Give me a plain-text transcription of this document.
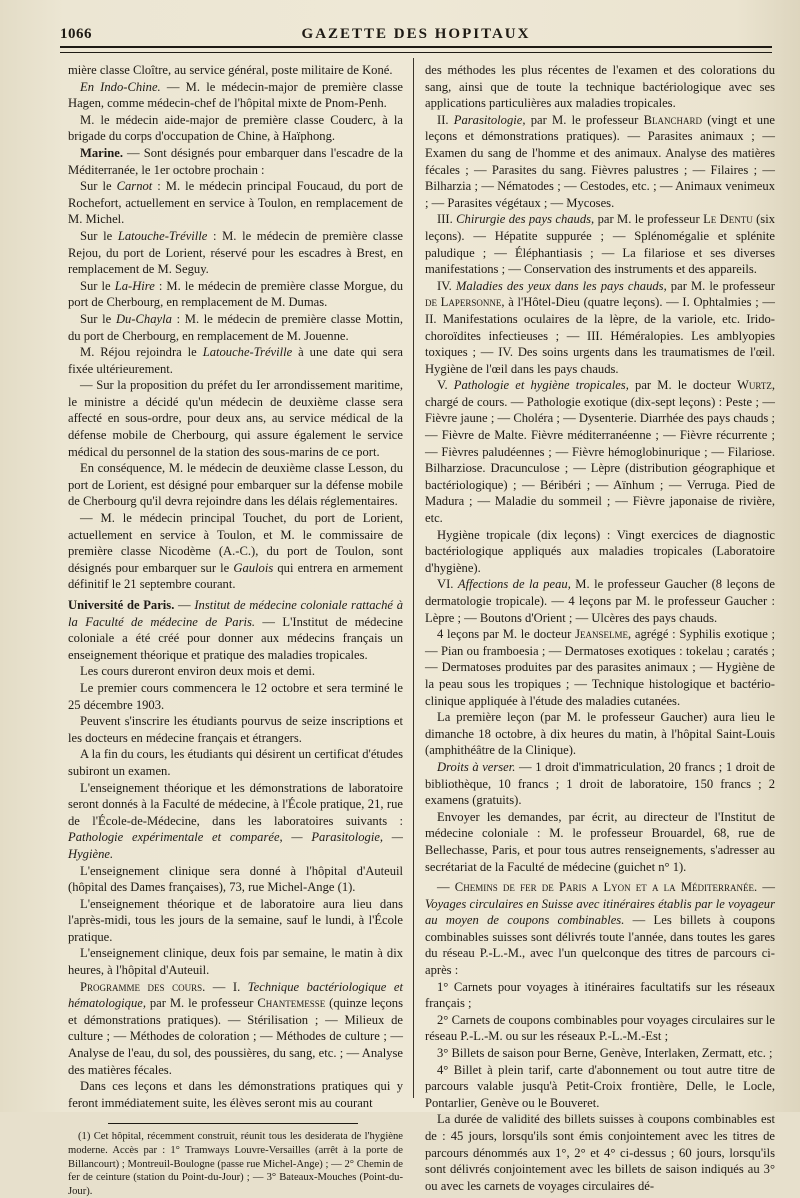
1066	GAZETTE DES HOPITAUX

mière classe Cloître, au service général, poste militaire de Koné.

En Indo-Chine. — M. le médecin-major de première classe Hagen, comme médecin-chef de l'hôpital mixte de Pnom-Penh.

M. le médecin aide-major de première classe Couderc, à la brigade du corps d'occupation de Chine, à Haïphong.

Marine. — Sont désignés pour embarquer dans l'escadre de la Méditerranée, le 1er octobre prochain :

Sur le Carnot : M. le médecin principal Foucaud, du port de Rochefort, actuellement en service à Toulon, en remplacement de M. Michel.

Sur le Latouche-Tréville : M. le médecin de première classe Rejou, du port de Lorient, réservé pour les escadres à Brest, en remplacement de M. Seguy.

Sur le La-Hire : M. le médecin de première classe Morgue, du port de Cherbourg, en remplacement de M. Dumas.

Sur le Du-Chayla : M. le médecin de première classe Mottin, du port de Cherbourg, en remplacement de M. Jouenne.

M. Réjou rejoindra le Latouche-Tréville à une date qui sera fixée ultérieurement.

— Sur la proposition du préfet du Ier arrondissement maritime, le ministre a décidé qu'un médecin de deuxième classe sera affecté en sous-ordre, pour deux ans, au service médical de la défense mobile de Cherbourg, qui assure également le service médical du personnel de la station des sous-marins de ce port.

En conséquence, M. le médecin de deuxième classe Lesson, du port de Lorient, est désigné pour embarquer sur la défense mobile de Cherbourg qu'il devra rejoindre dans les délais réglementaires.

— M. le médecin principal Touchet, du port de Lorient, actuellement en service à Toulon, et M. le commissaire de première classe Nicodème (A.-C.), du port de Toulon, sont désignés pour embarquer sur le Gaulois qui entrera en armement définitif le 21 septembre courant.

Université de Paris. — Institut de médecine coloniale rattaché à la Faculté de médecine de Paris. — L'Institut de médecine coloniale a été créé pour donner aux médecins français un enseignement théorique et pratique des maladies tropicales.

Les cours dureront environ deux mois et demi.

Le premier cours commencera le 12 octobre et sera terminé le 25 décembre 1903.

Peuvent s'inscrire les étudiants pourvus de seize inscriptions et les docteurs en médecine français et étrangers.

A la fin du cours, les étudiants qui désirent un certificat d'études subiront un examen.

L'enseignement théorique et les démonstrations de laboratoire seront donnés à la Faculté de médecine, à l'École pratique, 21, rue de l'École-de-Médecine, dans les laboratoires suivants : Pathologie expérimentale et comparée, — Parasitologie, — Hygiène.

L'enseignement clinique sera donné à l'hôpital d'Auteuil (hôpital des Dames françaises), 73, rue Michel-Ange (1).

L'enseignement théorique et de laboratoire aura lieu dans l'après-midi, tous les jours de la semaine, sauf le lundi, à l'École pratique.

L'enseignement clinique, deux fois par semaine, le matin à dix heures, à l'hôpital d'Auteuil.

Programme des cours. — I. Technique bactériologique et hématologique, par M. le professeur Chantemesse (quinze leçons et démonstrations pratiques). — Stérilisation ; — Milieux de culture ; — Méthodes de coloration ; — Méthodes de culture ; — Analyse de l'eau, du sol, des poussières, du sang, etc. ; — Analyse des matières fécales.

Dans ces leçons et dans les démonstrations pratiques qui y feront immédiatement suite, les élèves seront mis au courant

(1) Cet hôpital, récemment construit, réunit tous les desiderata de l'hygiène moderne. Accès par : 1° Tramways Louvre-Versailles (arrêt à la porte de Billancourt) ; Montreuil-Boulogne (passe rue Michel-Ange) ; — 2° Chemin de fer de ceinture (station du Point-du-Jour) ; — 3° Bateaux-Mouches (Point-du-Jour).

des méthodes les plus récentes de l'examen et des colorations du sang, ainsi que de toute la technique bactériologique avec ses applications particulières aux maladies tropicales.

II. Parasitologie, par M. le professeur Blanchard (vingt et une leçons et démonstrations pratiques). — Parasites animaux ; — Examen du sang de l'homme et des animaux. Analyse des matières fécales ; — Parasites du sang. Fièvres palustres ; — Filaires ; — Bilharzia ; — Nématodes ; — Cestodes, etc. ; — Animaux venimeux ; — Parasites végétaux ; — Mycoses.

III. Chirurgie des pays chauds, par M. le professeur Le Dentu (six leçons). — Hépatite suppurée ; — Splénomégalie et splénite paludique ; — Éléphantiasis ; — La filariose et ses diverses manifestations ; — Conservation des instruments et des appareils.

IV. Maladies des yeux dans les pays chauds, par M. le professeur de Lapersonne, à l'Hôtel-Dieu (quatre leçons). — I. Ophtalmies ; — II. Manifestations oculaires de la lèpre, de la variole, etc. Irido-choroïdites infectieuses ; — III. Héméralopies. Les amblyopies toxiques ; — IV. Des soins urgents dans les traumatismes de l'œil. Hygiène de l'œil dans les pays chauds.

V. Pathologie et hygiène tropicales, par M. le docteur Wurtz, chargé de cours. — Pathologie exotique (dix-sept leçons) : Peste ; — Fièvre jaune ; — Choléra ; — Dysenterie. Diarrhée des pays chauds ; — Fièvre de Malte. Fièvre méditerranéenne ; — Fièvre récurrente ; — Fièvres paludéennes ; — Fièvre hémoglobinurique ; — Filariose. Bilharziose. Dracunculose ; — Lèpre (distribution géographique et bactériologique) ; — Béribéri ; — Aïnhum ; — Verruga. Pied de Madura ; — Maladie du sommeil ; — Fièvre japonaise de rivière, etc.

Hygiène tropicale (dix leçons) : Vingt exercices de diagnostic bactériologique appliqués aux maladies tropicales (Laboratoire d'hygiène).

VI. Affections de la peau, M. le professeur Gaucher (8 leçons de dermatologie tropicale). — 4 leçons par M. le professeur Gaucher : Lèpre ; — Boutons d'Orient ; — Ulcères des pays chauds.

4 leçons par M. le docteur Jeanselme, agrégé : Syphilis exotique ; — Pian ou framboesia ; — Dermatoses exotiques : tokelau ; caratés ; — Dermatoses produites par des parasites animaux ; — Hygiène de la peau sous les tropiques ; — Technique histologique et bactério-clinique appliquée à l'étude des maladies cutanées.

La première leçon (par M. le professeur Gaucher) aura lieu le dimanche 18 octobre, à dix heures du matin, à l'hôpital Saint-Louis (amphithéâtre de la Clinique).

Droits à verser. — 1 droit d'immatriculation, 20 francs ; 1 droit de bibliothèque, 10 francs ; 1 droit de laboratoire, 150 francs ; 2 examens (gratuits).

Envoyer les demandes, par écrit, au directeur de l'Institut de médecine coloniale : M. le professeur Brouardel, 68, rue de Bellechasse, Paris, et pour tous autres renseignements, s'adresser au secrétariat de la Faculté de médecine (guichet n° 1).

— Chemins de fer de Paris a Lyon et a la Méditerranée. — Voyages circulaires en Suisse avec itinéraires établis par le voyageur au moyen de coupons combinables. — Les billets à coupons combinables suisses sont délivrés toute l'année, dans toutes les gares du réseau P.-L.-M., avec l'un quelconque des titres de parcours ci-après :

1° Carnets pour voyages à itinéraires facultatifs sur les réseaux français ;

2° Carnets de coupons combinables pour voyages circulaires sur le réseau P.-L.-M. ou sur les réseaux P.-L.-M.-Est ;

3° Billets de saison pour Berne, Genève, Interlaken, Zermatt, etc. ;

4° Billet à plein tarif, carte d'abonnement ou tout autre titre de parcours valable jusqu'à Petit-Croix frontière, Delle, le Locle, Pontarlier, Genève ou le Bouveret.

La durée de validité des billets suisses à coupons combinables est de : 45 jours, lorsqu'ils sont émis conjointement avec les titres de parcours dénommés aux 1°, 2° et 4° ci-dessus ; 60 jours, lorsqu'ils sont délivrés conjointement avec les billets de saison indiqués au 3° ou avec les carnets de voyages circulaires dé-
